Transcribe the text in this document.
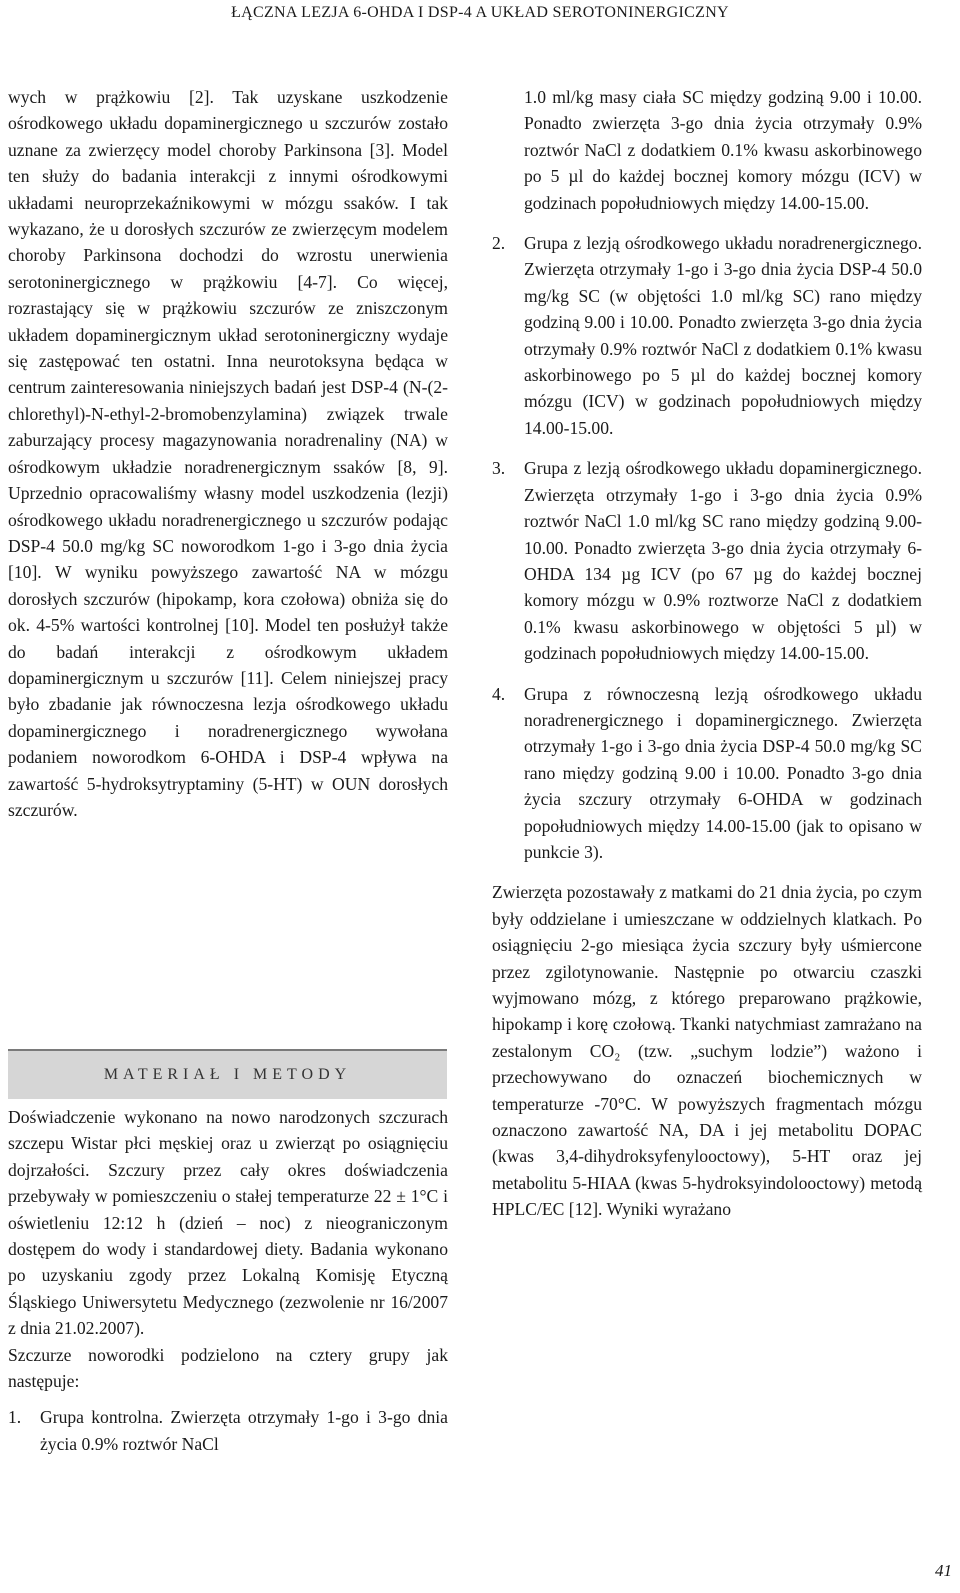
ŁĄCZNA LEZJA 6-OHDA I DSP-4 A UKŁAD SEROTONINERGICZNY

wych w prążkowiu [2]. Tak uzyskane uszkodzenie ośrodkowego układu dopaminergicznego u szczurów zostało uznane za zwierzęcy model choroby Parkinsona [3]. Model ten służy do badania interakcji z innymi ośrodkowymi układami neuroprzekaźnikowymi w mózgu ssaków. I tak wykazano, że u dorosłych szczurów ze zwierzęcym modelem choroby Parkinsona dochodzi do wzrostu unerwienia serotoninergicznego w prążkowiu [4-7]. Co więcej, rozrastający się w prążkowiu szczurów ze zniszczonym układem dopaminergicznym układ serotoninergiczny wydaje się zastępować ten ostatni. Inna neurotoksyna będąca w centrum zainteresowania niniejszych badań jest DSP-4 (N-(2-chlorethyl)-N-ethyl-2-bromobenzylamina) związek trwale zaburzający procesy magazynowania noradrenaliny (NA) w ośrodkowym układzie noradrenergicznym ssaków [8, 9]. Uprzednio opracowaliśmy własny model uszkodzenia (lezji) ośrodkowego układu noradrenergicznego u szczurów podając DSP-4 50.0 mg/kg SC noworodkom 1-go i 3-go dnia życia [10]. W wyniku powyższego zawartość NA w mózgu dorosłych szczurów (hipokamp, kora czołowa) obniża się do ok. 4-5% wartości kontrolnej [10]. Model ten posłużył także do badań interakcji z ośrodkowym układem dopaminergicznym u szczurów [11]. Celem niniejszej pracy było zbadanie jak równoczesna lezja ośrodkowego układu dopaminergicznego i noradrenergicznego wywołana podaniem noworodkom 6-OHDA i DSP-4 wpływa na zawartość 5-hydroksytryptaminy (5-HT) w OUN dorosłych szczurów.

MATERIAŁ I METODY

Doświadczenie wykonano na nowo narodzonych szczurach szczepu Wistar płci męskiej oraz u zwierząt po osiągnięciu dojrzałości. Szczury przez cały okres doświadczenia przebywały w pomieszczeniu o stałej temperaturze 22 ± 1°C i oświetleniu 12:12 h (dzień – noc) z nieograniczonym dostępem do wody i standardowej diety. Badania wykonano po uzyskaniu zgody przez Lokalną Komisję Etyczną Śląskiego Uniwersytetu Medycznego (zezwolenie nr 16/2007 z dnia 21.02.2007).

Szczurze noworodki podzielono na cztery grupy jak następuje:

1. Grupa kontrolna. Zwierzęta otrzymały 1-go i 3-go dnia życia 0.9% roztwór NaCl
1.0 ml/kg masy ciała SC między godziną 9.00 i 10.00. Ponadto zwierzęta 3-go dnia życia otrzymały 0.9% roztwór NaCl z dodatkiem 0.1% kwasu askorbinowego po 5 µl do każdej bocznej komory mózgu (ICV) w godzinach popołudniowych między 14.00-15.00.
2. Grupa z lezją ośrodkowego układu noradrenergicznego. Zwierzęta otrzymały 1-go i 3-go dnia życia DSP-4 50.0 mg/kg SC (w objętości 1.0 ml/kg SC) rano między godziną 9.00 i 10.00. Ponadto zwierzęta 3-go dnia życia otrzymały 0.9% roztwór NaCl z dodatkiem 0.1% kwasu askorbinowego po 5 µl do każdej bocznej komory mózgu (ICV) w godzinach popołudniowych między 14.00-15.00.
3. Grupa z lezją ośrodkowego układu dopaminergicznego. Zwierzęta otrzymały 1-go i 3-go dnia życia 0.9% roztwór NaCl 1.0 ml/kg SC rano między godziną 9.00-10.00. Ponadto zwierzęta 3-go dnia życia otrzymały 6-OHDA 134 µg ICV (po 67 µg do każdej bocznej komory mózgu w 0.9% roztworze NaCl z dodatkiem 0.1% kwasu askorbinowego w objętości 5 µl) w godzinach popołudniowych między 14.00-15.00.
4. Grupa z równoczesną lezją ośrodkowego układu noradrenergicznego i dopaminergicznego. Zwierzęta otrzymały 1-go i 3-go dnia życia DSP-4 50.0 mg/kg SC rano między godziną 9.00 i 10.00. Ponadto 3-go dnia życia szczury otrzymały 6-OHDA w godzinach popołudniowych między 14.00-15.00 (jak to opisano w punkcie 3).

Zwierzęta pozostawały z matkami do 21 dnia życia, po czym były oddzielane i umieszczane w oddzielnych klatkach. Po osiągnięciu 2-go miesiąca życia szczury były uśmiercone przez zgilotynowanie. Następnie po otwarciu czaszki wyjmowano mózg, z którego preparowano prążkowie, hipokamp i korę czołową. Tkanki natychmiast zamrażano na zestalonym CO₂ (tzw. „suchym lodzie”) ważono i przechowywano do oznaczeń biochemicznych w temperaturze -70°C. W powyższych fragmentach mózgu oznaczono zawartość NA, DA i jej metabolitu DOPAC (kwas 3,4-dihydroksyfenylooctowy), 5-HT oraz jej metabolitu 5-HIAA (kwas 5-hydroksyindolooctowy) metodą HPLC/EC [12]. Wyniki wyrażano

41
